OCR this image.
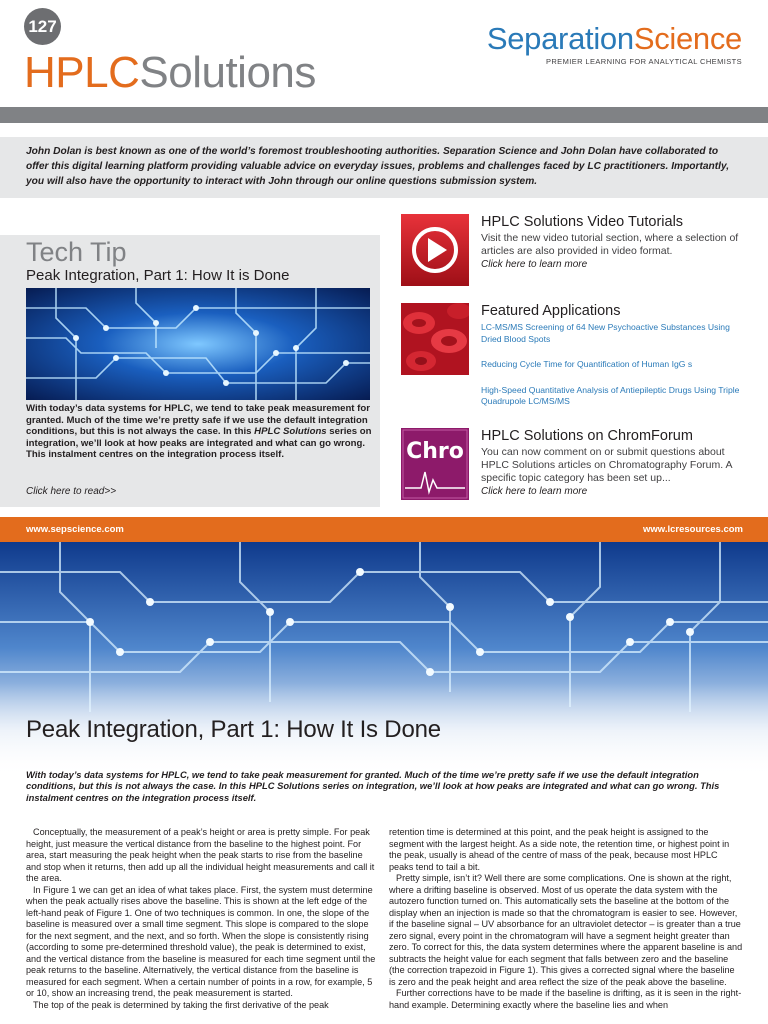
127
HPLCSolutions
SeparationScience
PREMIER LEARNING FOR ANALYTICAL CHEMISTS
John Dolan is best known as one of the world’s foremost troubleshooting authorities. Separation Science and John Dolan have collaborated to offer this digital learning platform providing valuable advice on everyday issues, problems and challenges faced by LC practitioners. Importantly, you will also have the opportunity to interact with John through our online questions submission system.
Tech Tip
Peak Integration, Part 1: How It is Done
With today’s data systems for HPLC, we tend to take peak measurement for granted. Much of the time we’re pretty safe if we use the default integration conditions, but this is not always the case. In this HPLC Solutions series on integration, we’ll look at how peaks are integrated and what can go wrong. This instalment centres on the integration process itself.
Click here to read>>
HPLC Solutions Video Tutorials
Visit the new video tutorial section, where a selection of articles are also provided in video format.
Click here to learn more
Featured Applications
LC-MS/MS Screening of 64 New Psychoactive Substances Using Dried Blood Spots
Reducing Cycle Time for Quantification of Human IgG s
High-Speed Quantitative Analysis of Antiepileptic Drugs Using Triple Quadrupole LC/MS/MS
Chro
HPLC Solutions on ChromForum
You can now comment on or submit questions about HPLC Solutions articles on Chromatography Forum. A specific topic category has been set up...
Click here to learn more
www.sepscience.com	www.lcresources.com
Peak Integration, Part 1: How It Is Done
With today’s data systems for HPLC, we tend to take peak measurement for granted. Much of the time we’re pretty safe if we use the default integration conditions, but this is not always the case. In this HPLC Solutions series on integration, we’ll look at how peaks are integrated and what can go wrong. This instalment centres on the integration process itself.

Conceptually, the measurement of a peak’s height or area is pretty simple. For peak height, just measure the vertical distance from the baseline to the highest point. For area, start measuring the peak height when the peak starts to rise from the baseline and stop when it returns, then add up all the individual height measurements and call it the area.

In Figure 1 we can get an idea of what takes place. First, the system must determine when the peak actually rises above the baseline. This is shown at the left edge of the left-hand peak of Figure 1. One of two techniques is common. In one, the slope of the baseline is measured over a small time segment. This slope is compared to the slope for the next segment, and the next, and so forth. When the slope is consistently rising (according to some pre-determined threshold value), the peak is determined to exist, and the vertical distance from the baseline is measured for each time segment until the peak returns to the baseline. Alternatively, the vertical distance from the baseline is measured for each segment. When a certain number of points in a row, for example, 5 or 10, show an increasing trend, the peak measurement is started.

The top of the peak is determined by taking the first derivative of the peak

retention time is determined at this point, and the peak height is assigned to the segment with the largest height. As a side note, the retention time, or highest point in the peak, usually is ahead of the centre of mass of the peak, because most HPLC peaks tend to tail a bit.

Pretty simple, isn’t it? Well there are some complications. One is shown at the right, where a drifting baseline is observed. Most of us operate the data system with the autozero function turned on. This automatically sets the baseline at the bottom of the display when an injection is made so that the chromatogram is easier to see. However, if the baseline signal – UV absorbance for an ultraviolet detector – is greater than a true zero signal, every point in the chromatogram will have a segment height greater than zero. To correct for this, the data system determines where the apparent baseline is and subtracts the height value for each segment that falls between zero and the baseline (the correction trapezoid in Figure 1). This gives a corrected signal where the baseline is zero and the peak height and area reflect the size of the peak above the baseline.

Further corrections have to be made if the baseline is drifting, as it is seen in the right-hand example. Determining exactly where the baseline lies and when
